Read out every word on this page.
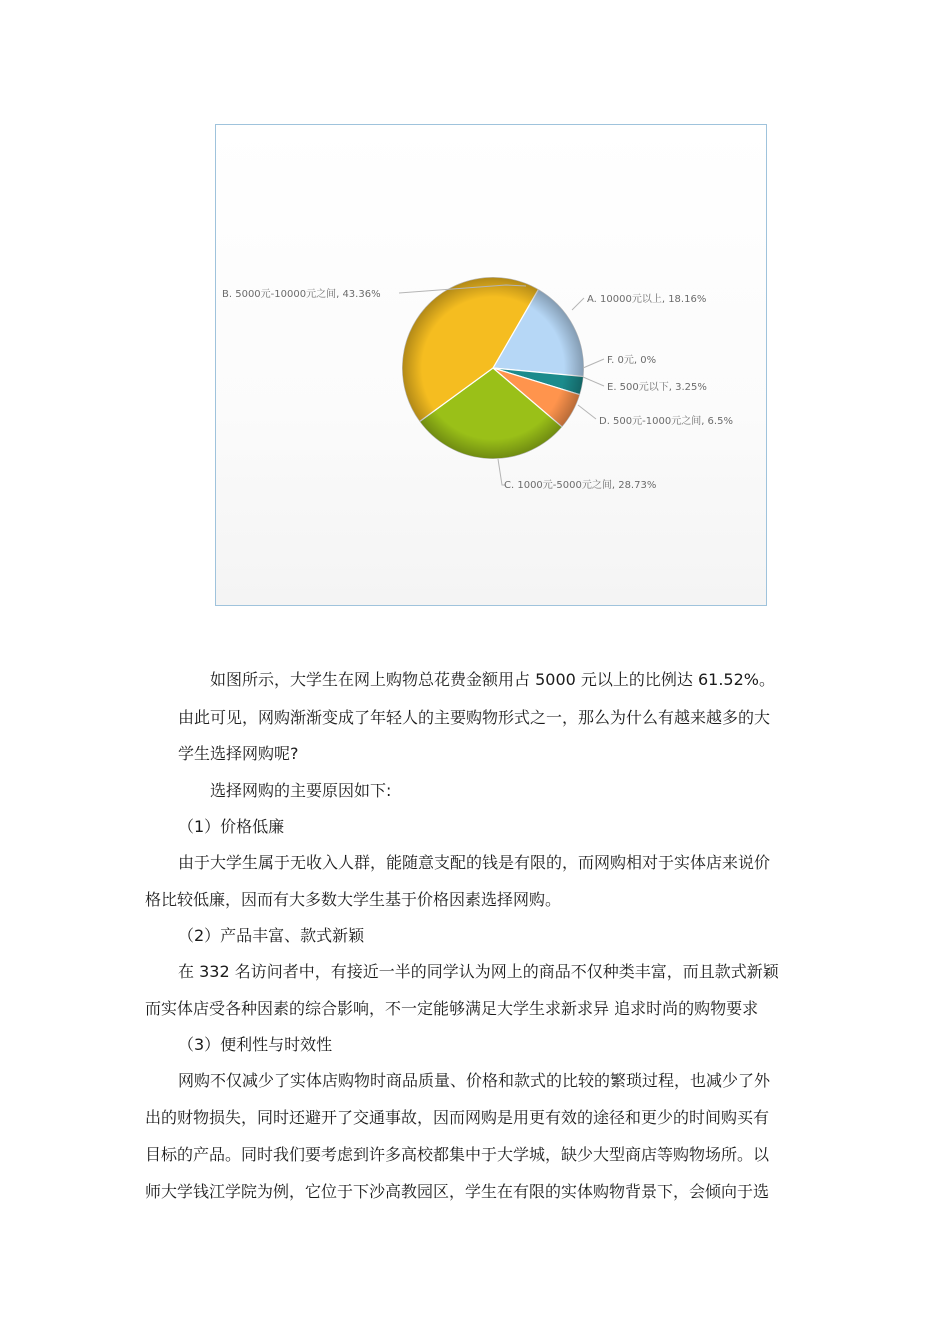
B. 5000元-10000元之间, 43.36%	A. 10000元以上, 18.16%
F. 0元, 0%
E. 500元以下, 3.25%
D. 500元-1000元之间, 6.5%
C. 1000元-5000元之间, 28.73%
如图所示，大学生在网上购物总花费金额用占 5000 元以上的比例达 61.52%。
由此可见，网购渐渐变成了年轻人的主要购物形式之一，那么为什么有越来越多的大
学生选择网购呢?
选择网购的主要原因如下:
（1）价格低廉
由于大学生属于无收入人群，能随意支配的钱是有限的，而网购相对于实体店来说价
格比较低廉，因而有大多数大学生基于价格因素选择网购。
（2）产品丰富、款式新颖
在 332 名访问者中，有接近一半的同学认为网上的商品不仅种类丰富，而且款式新颖
而实体店受各种因素的综合影响，不一定能够满足大学生求新求异 追求时尚的购物要求
（3）便利性与时效性
网购不仅减少了实体店购物时商品质量、价格和款式的比较的繁琐过程，也减少了外
出的财物损失，同时还避开了交通事故，因而网购是用更有效的途径和更少的时间购买有
目标的产品。同时我们要考虑到许多高校都集中于大学城，缺少大型商店等购物场所。以
师大学钱江学院为例，它位于下沙高教园区，学生在有限的实体购物背景下，会倾向于选
